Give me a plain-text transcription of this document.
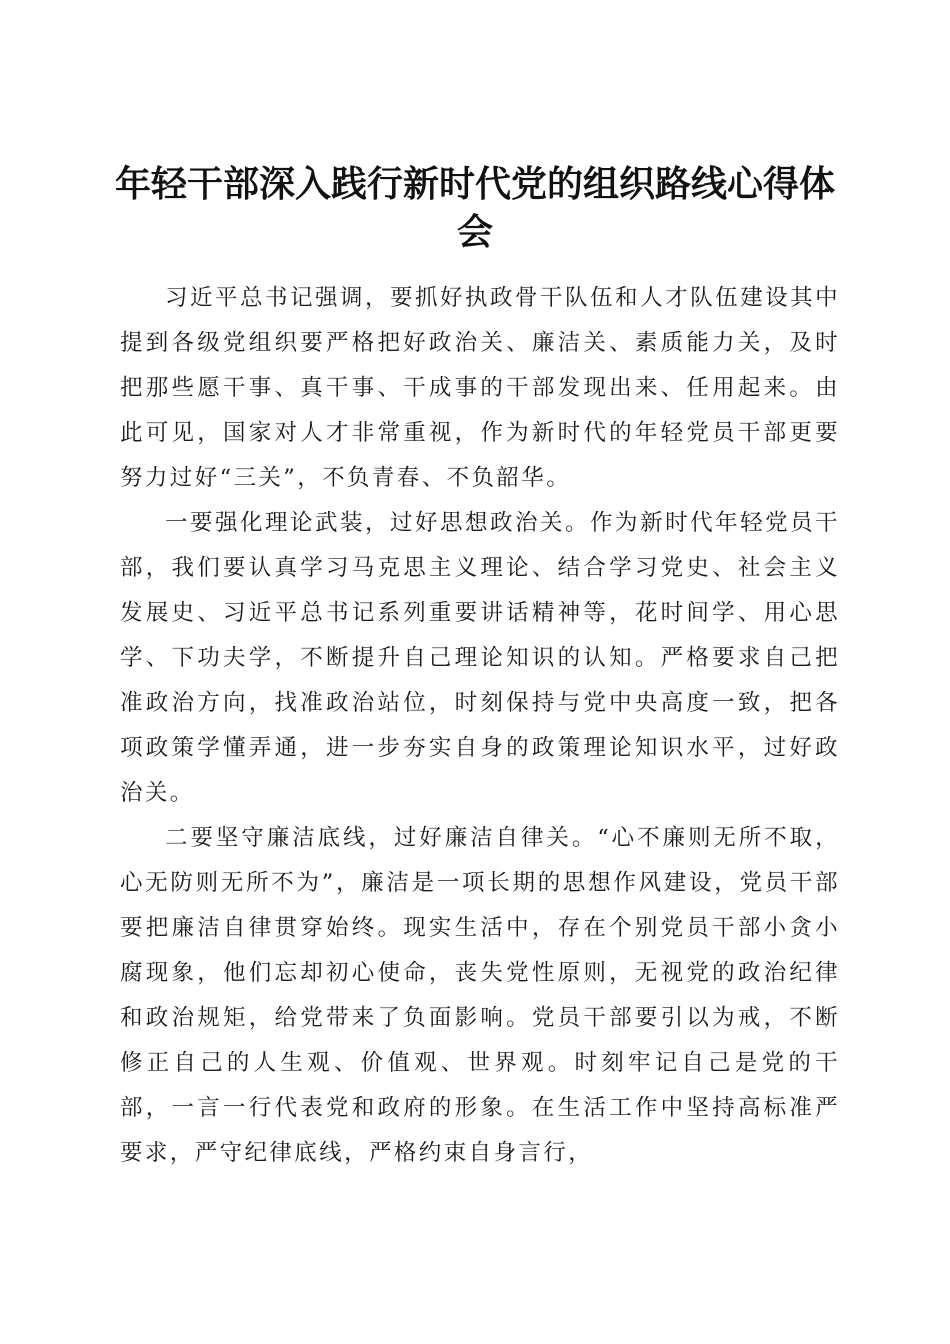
年轻干部深入践行新时代党的组织路线心得体会

习近平总书记强调，要抓好执政骨干队伍和人才队伍建设其中提到各级党组织要严格把好政治关、廉洁关、素质能力关，及时把那些愿干事、真干事、干成事的干部发现出来、任用起来。由此可见，国家对人才非常重视，作为新时代的年轻党员干部更要努力过好“三关”，不负青春、不负韶华。

一要强化理论武装，过好思想政治关。作为新时代年轻党员干部，我们要认真学习马克思主义理论、结合学习党史、社会主义发展史、习近平总书记系列重要讲话精神等，花时间学、用心思学、下功夫学，不断提升自己理论知识的认知。严格要求自己把准政治方向，找准政治站位，时刻保持与党中央高度一致，把各项政策学懂弄通，进一步夯实自身的政策理论知识水平，过好政治关。

二要坚守廉洁底线，过好廉洁自律关。“心不廉则无所不取，心无防则无所不为”，廉洁是一项长期的思想作风建设，党员干部要把廉洁自律贯穿始终。现实生活中，存在个别党员干部小贪小腐现象，他们忘却初心使命，丧失党性原则，无视党的政治纪律和政治规矩，给党带来了负面影响。党员干部要引以为戒，不断修正自己的人生观、价值观、世界观。时刻牢记自己是党的干部，一言一行代表党和政府的形象。在生活工作中坚持高标准严要求，严守纪律底线，严格约束自身言行，
